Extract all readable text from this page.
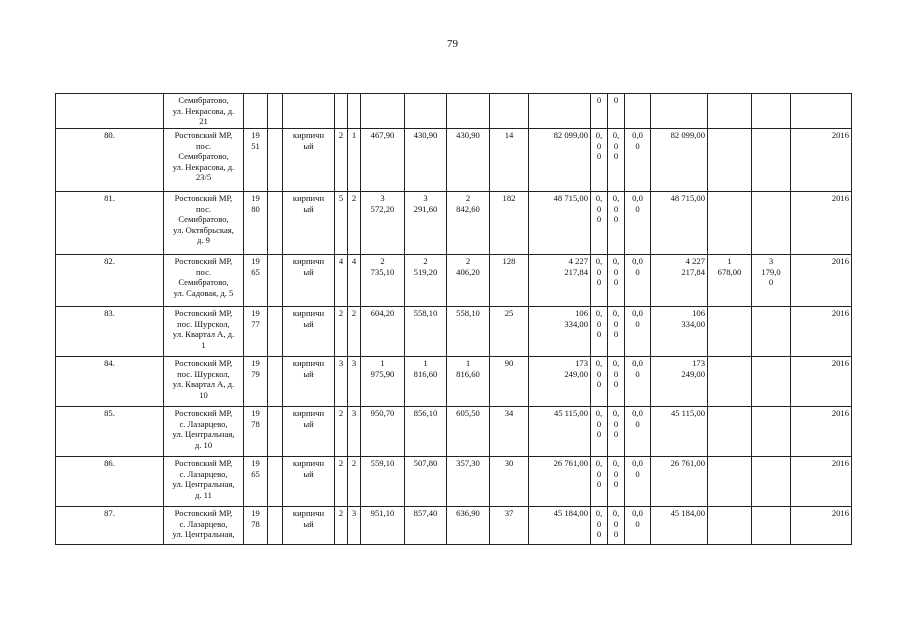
79

	Семибратово,
ул. Некрасова, д.
21											0	0					

80.	Ростовский МР,
пос.
Семибратово,
ул. Некрасова, д.
23/5	19
51		кирпичн
ый	2	1	467,90	430,90	430,90	14	82 099,00	0,
0
0	0,
0
0	0,0
0	82 099,00			2016
81.	Ростовский МР,
пос.
Семибратово,
ул. Октябрьская,
д. 9	19
80		кирпичн
ый	5	2	3
572,20	3
291,60	2
842,60	182	48 715,00	0,
0
0	0,
0
0	0,0
0	48 715,00			2016
82.	Ростовский МР,
пос.
Семибратово,
ул. Садовая, д. 5	19
65		кирпичн
ый	4	4	2
735,10	2
519,20	2
406,20	128	4 227
217,84	0,
0
0	0,
0
0	0,0
0	4 227
217,84	1
678,00	3
179,0
0	2016
83.	Ростовский МР,
пос. Шурскол,
ул. Квартал А, д.
1	19
77		кирпичн
ый	2	2	604,20	558,10	558,10	25	106
334,00	0,
0
0	0,
0
0	0,0
0	106
334,00			2016
84.	Ростовский МР,
пос. Шурскол,
ул. Квартал А, д.
10	19
79		кирпичн
ый	3	3	1
975,90	1
816,60	1
816,60	90	173
249,00	0,
0
0	0,
0
0	0,0
0	173
249,00			2016
85.	Ростовский МР,
с. Лазарцево,
ул. Центральная,
д. 10	19
78		кирпичн
ый	2	3	950,70	856,10	605,50	34	45 115,00	0,
0
0	0,
0
0	0,0
0	45 115,00			2016
86.	Ростовский МР,
с. Лазарцево,
ул. Центральная,
д. 11	19
65		кирпичн
ый	2	2	559,10	507,80	357,30	30	26 761,00	0,
0
0	0,
0
0	0,0
0	26 761,00			2016
87.	Ростовский МР,
с. Лазарцево,
ул. Центральная,	19
78		кирпичн
ый	2	3	951,10	857,40	636,90	37	45 184,00	0,
0
0	0,
0
0	0,0
0	45 184,00			2016
